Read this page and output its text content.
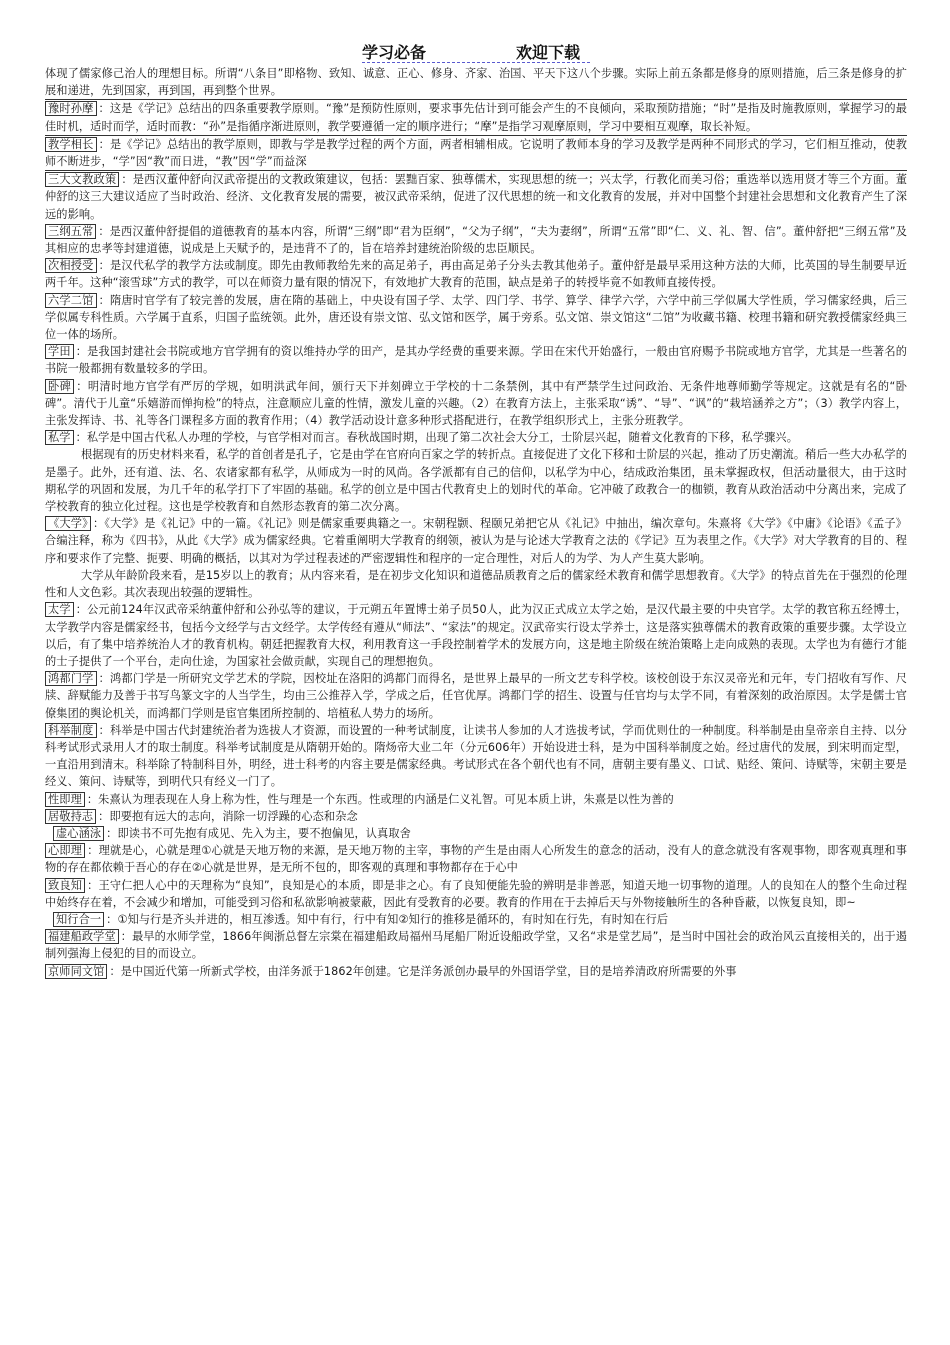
学习必备	欢迎下载

体现了儒家修己治人的理想目标。所谓“八条目”即格物、致知、诚意、正心、修身、齐家、治国、平天下这八个步骤。实际上前五条都是修身的原则措施，后三条是修身的扩展和递进，先到国家，再到国，再到整个世界。

豫时孙摩 ：这是《学记》总结出的四条重要教学原则。“豫”是预防性原则，要求事先估计到可能会产生的不良倾向，采取预防措施；“时”是指及时施教原则，掌握学习的最佳时机，适时而学，适时而教：“孙”是指循序渐进原则，教学要遵循一定的顺序进行；“摩”是指学习观摩原则，学习中要相互观摩，取长补短。

教学相长 ：是《学记》总结出的教学原则，即教与学是教学过程的两个方面，两者相辅相成。它说明了教师本身的学习及教学是两种不同形式的学习，它们相互推动，使教师不断进步，“学”因“教”而日进，“教”因“学”而益深

三大文教政策 ：是西汉董仲舒向汉武帝提出的文教政策建议，包括：罢黜百家、独尊儒术，实现思想的统一；兴太学，行教化而美习俗；重选举以选用贤才等三个方面。董仲舒的这三大建议适应了当时政治、经济、文化教育发展的需要，被汉武帝采纳，促进了汉代思想的统一和文化教育的发展，并对中国整个封建社会思想和文化教育产生了深远的影响。

三纲五常 ：是西汉董仲舒提倡的道德教育的基本内容，所谓“三纲”即“君为臣纲”，“父为子纲”，“夫为妻纲”，所谓“五常”即“仁、义、礼、智、信”。董仲舒把“三纲五常”及其相应的忠孝等封建道德，说成是上天赋予的，是违背不了的，旨在培养封建统治阶级的忠臣顺民。

次相授受 ：是汉代私学的教学方法或制度。即先由教师教给先来的高足弟子，再由高足弟子分头去教其他弟子。董仲舒是最早采用这种方法的大师，比英国的导生制要早近两千年。这种“滚雪球”方式的教学，可以在师资力量有限的情况下，有效地扩大教育的范围，缺点是弟子的转授毕竟不如教师直接传授。

六学二馆 ：隋唐时官学有了较完善的发展，唐在隋的基础上，中央设有国子学、太学、四门学、书学、算学、律学六学，六学中前三学似属大学性质，学习儒家经典，后三学似属专科性质。六学属于直系，归国子监统领。此外，唐还设有崇文馆、弘文馆和医学，属于旁系。弘文馆、崇文馆这“二馆”为收藏书籍、校理书籍和研究教授儒家经典三位一体的场所。

学田 ：是我国封建社会书院或地方官学拥有的资以维持办学的田产，是其办学经费的重要来源。学田在宋代开始盛行，一般由官府赐予书院或地方官学，尤其是一些著名的书院一般都拥有数量较多的学田。

卧碑 ：明清时地方官学有严厉的学规，如明洪武年间，颁行天下并刻碑立于学校的十二条禁例，其中有严禁学生过问政治、无条件地尊师勤学等规定。这就是有名的“卧碑”。清代于儿童“乐嬉游而惮拘检”的特点，注意顺应儿童的性情，激发儿童的兴趣。（2）在教育方法上，主张采取“诱”、“导”、“讽”的“栽培涵养之方”；（3）教学内容上，主张发挥诗、书、礼等各门课程多方面的教育作用；（4）教学活动设计意多种形式搭配进行，在教学组织形式上，主张分班教学。

私学 ：私学是中国古代私人办理的学校，与官学相对而言。春秋战国时期，出现了第二次社会大分工，士阶层兴起，随着文化教育的下移，私学骤兴。

根据现有的历史材料来看，私学的首创者是孔子，它是由学在官府向百家之学的转折点。直接促进了文化下移和士阶层的兴起，推动了历史潮流。稍后一些大办私学的是墨子。此外，还有道、法、名、农诸家都有私学，从师成为一时的风尚。各学派都有自己的信仰，以私学为中心，结成政治集团，虽未掌握政权，但活动量很大，由于这时期私学的巩固和发展，为几千年的私学打下了牢固的基础。私学的创立是中国古代教育史上的划时代的革命。它冲破了政教合一的枷锁，教育从政治活动中分离出来，完成了学校教育的独立化过程。这也是学校教育和自然形态教育的第二次分离。

《大学》 ：《大学》是《礼记》中的一篇。《礼记》则是儒家重要典籍之一。宋朝程颢、程颐兄弟把它从《礼记》中抽出，编次章句。朱熹将《大学》《中庸》《论语》《孟子》合编注释，称为《四书》，从此《大学》成为儒家经典。它着重阐明大学教育的纲领，被认为是与论述大学教育之法的《学记》互为表里之作。《大学》对大学教育的目的、程序和要求作了完整、扼要、明确的概括，以其对为学过程表述的严密逻辑性和程序的一定合理性，对后人的为学、为人产生莫大影响。

大学从年龄阶段来看，是15岁以上的教育；从内容来看，是在初步文化知识和道德品质教育之后的儒家经术教育和儒学思想教育。《大学》的特点首先在于强烈的伦理性和人文色彩。其次表现出较强的逻辑性。

太学 ：公元前124年汉武帝采纳董仲舒和公孙弘等的建议，于元朔五年置博士弟子员50人，此为汉正式成立太学之始，是汉代最主要的中央官学。太学的教官称五经博士，太学教学内容是儒家经书，包括今文经学与古文经学。太学传经有遵从“师法”、“家法”的规定。汉武帝实行设太学养士，这是落实独尊儒术的教育政策的重要步骤。太学设立以后，有了集中培养统治人才的教育机构。朝廷把握教育大权，利用教育这一手段控制着学术的发展方向，这是地主阶级在统治策略上走向成熟的表现。太学也为有德行才能的士子提供了一个平台，走向仕途，为国家社会做贡献，实现自己的理想抱负。

鸿都门学 ：鸿都门学是一所研究文学艺术的学院，因校址在洛阳的鸿都门而得名，是世界上最早的一所文艺专科学校。该校创设于东汉灵帝光和元年，专门招收有写作、尺牍、辞赋能力及善于书写鸟篆文字的人当学生，均由三公推荐入学，学成之后，任官优厚。鸿都门学的招生、设置与任官均与太学不同，有着深刻的政治原因。太学是儒士官僚集团的舆论机关，而鸿都门学则是宦官集团所控制的、培植私人势力的场所。

科举制度 ：科举是中国古代封建统治者为选拔人才资源，而设置的一种考试制度，让读书人参加的人才选拔考试，学而优则仕的一种制度。科举制是由皇帝亲自主持、以分科考试形式录用人才的取士制度。科举考试制度是从隋朝开始的。隋炀帝大业二年（分元606年）开始设进士科，是为中国科举制度之始。经过唐代的发展，到宋明而定型，一直沿用到清末。科举除了特制科目外，明经，进士科考的内容主要是儒家经典。考试形式在各个朝代也有不同，唐朝主要有墨义、口试、贴经、策问、诗赋等，宋朝主要是经义、策问、诗赋等，到明代只有经义一门了。

性即理 ：朱熹认为理表现在人身上称为性，性与理是一个东西。性或理的内涵是仁义礼智。可见本质上讲，朱熹是以性为善的

居敬持志 ：即要抱有远大的志向，消除一切浮躁的心态和杂念

虚心涵泳 ：即读书不可先抱有成见、先入为主，要不抱偏见，认真取舍

心即理 ：理就是心，心就是理①心就是天地万物的来源，是天地万物的主宰，事物的产生是由雨人心所发生的意念的活动，没有人的意念就没有客观事物，即客观真理和事物的存在都依赖于吾心的存在②心就是世界，是无所不包的，即客观的真理和事物都存在于心中

致良知 ：王守仁把人心中的天理称为“良知”，良知是心的本质，即是非之心。有了良知便能先验的辨明是非善恶，知道天地一切事物的道理。人的良知在人的整个生命过程中始终存在着，不会减少和增加，可能受到习俗和私欲影响被蒙蔽，因此有受教育的必要。教育的作用在于去掉后天与外物接触所生的各种昏蔽，以恢复良知，即~

知行合一 ：①知与行是齐头并进的，相互渗透。知中有行，行中有知②知行的推移是循环的，有时知在行先，有时知在行后

福建船政学堂 ：最早的水师学堂，1866年闽浙总督左宗棠在福建船政局福州马尾船厂附近设船政学堂，又名“求是堂艺局”，是当时中国社会的政治风云直接相关的，出于遏制列强海上侵犯的目的而设立。

京师同文馆 ：是中国近代第一所新式学校，由洋务派于1862年创建。它是洋务派创办最早的外国语学堂，目的是培养清政府所需要的外事
